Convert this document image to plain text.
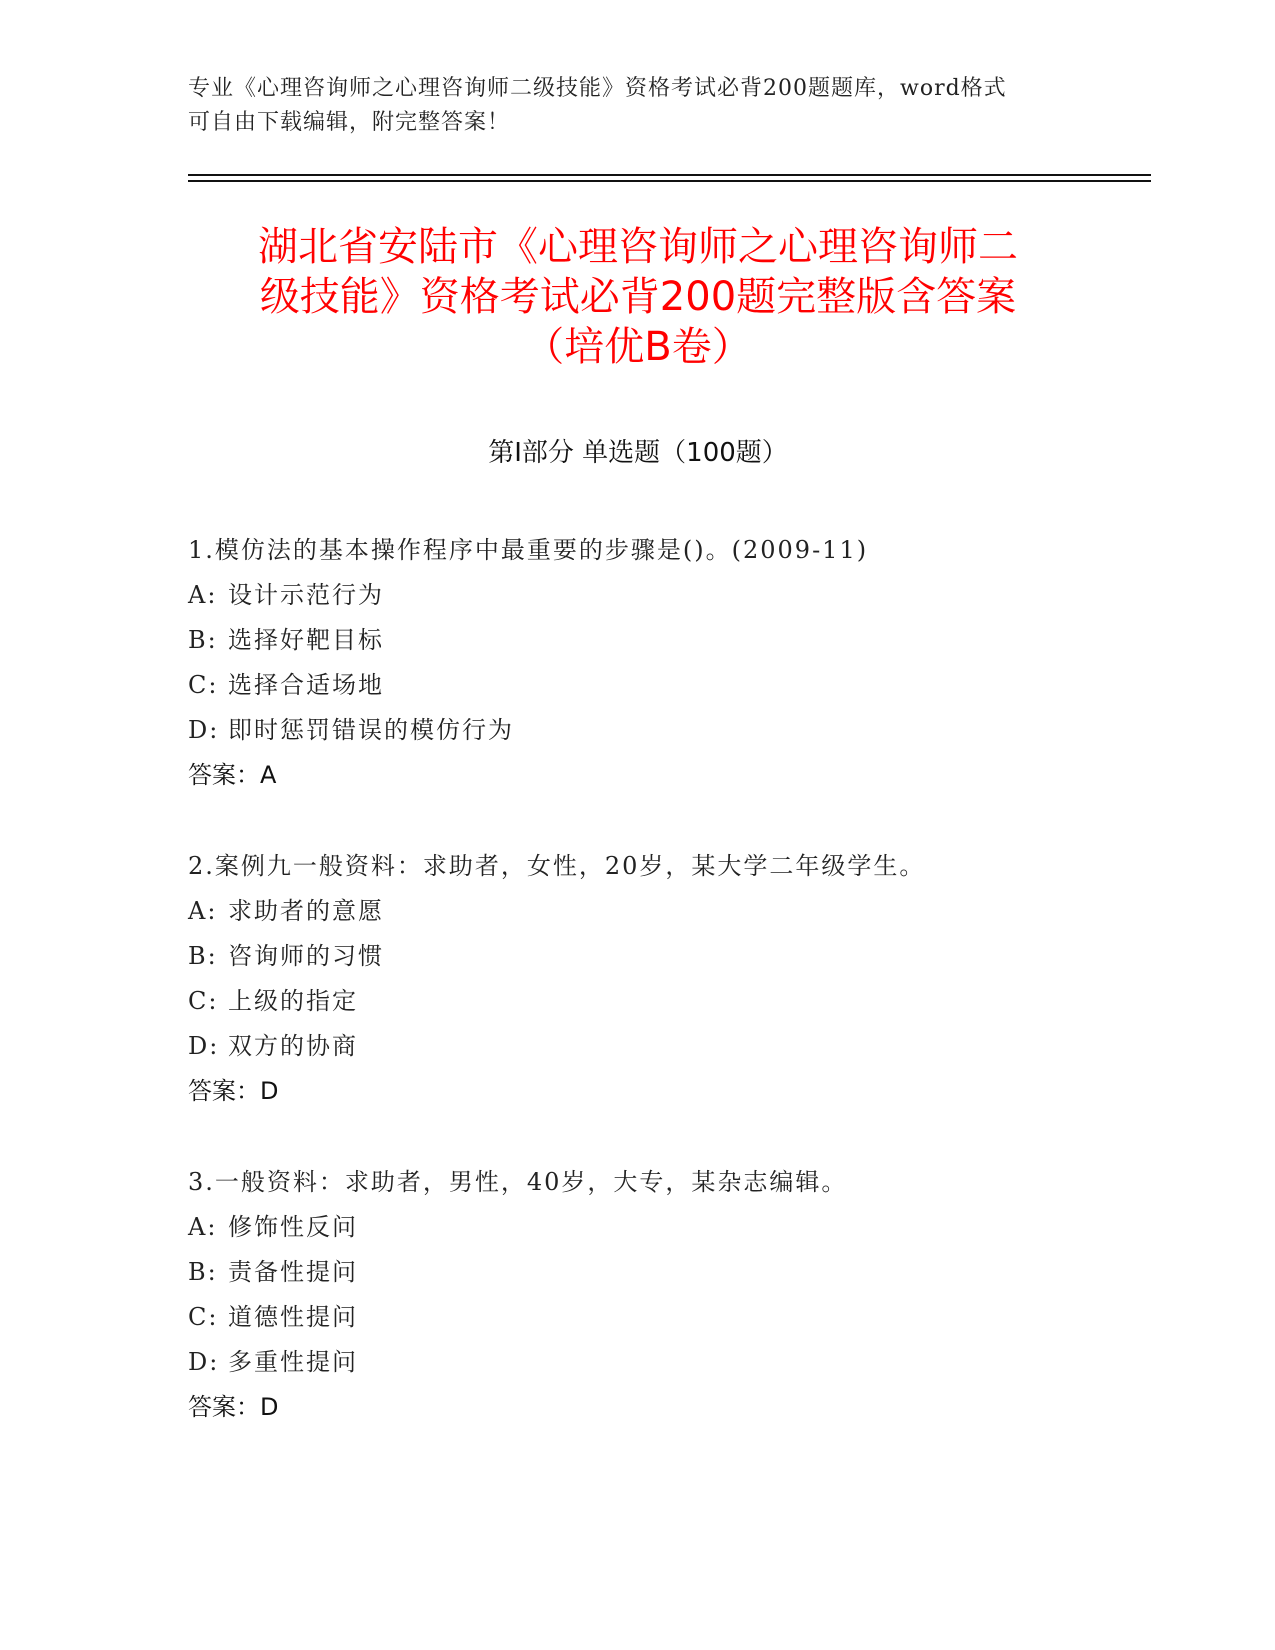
专业《心理咨询师之心理咨询师二级技能》资格考试必背200题题库，word格式
可自由下载编辑，附完整答案！
湖北省安陆市《心理咨询师之心理咨询师二
级技能》资格考试必背200题完整版含答案
（培优B卷）
第Ⅰ部分 单选题（100题）
1.模仿法的基本操作程序中最重要的步骤是()。(2009-11)
A: 设计示范行为
B: 选择好靶目标
C: 选择合适场地
D: 即时惩罚错误的模仿行为
答案：A
2.案例九一般资料：求助者，女性，20岁，某大学二年级学生。
A: 求助者的意愿
B: 咨询师的习惯
C: 上级的指定
D: 双方的协商
答案：D
3.一般资料：求助者，男性，40岁，大专，某杂志编辑。
A: 修饰性反问
B: 责备性提问
C: 道德性提问
D: 多重性提问
答案：D
